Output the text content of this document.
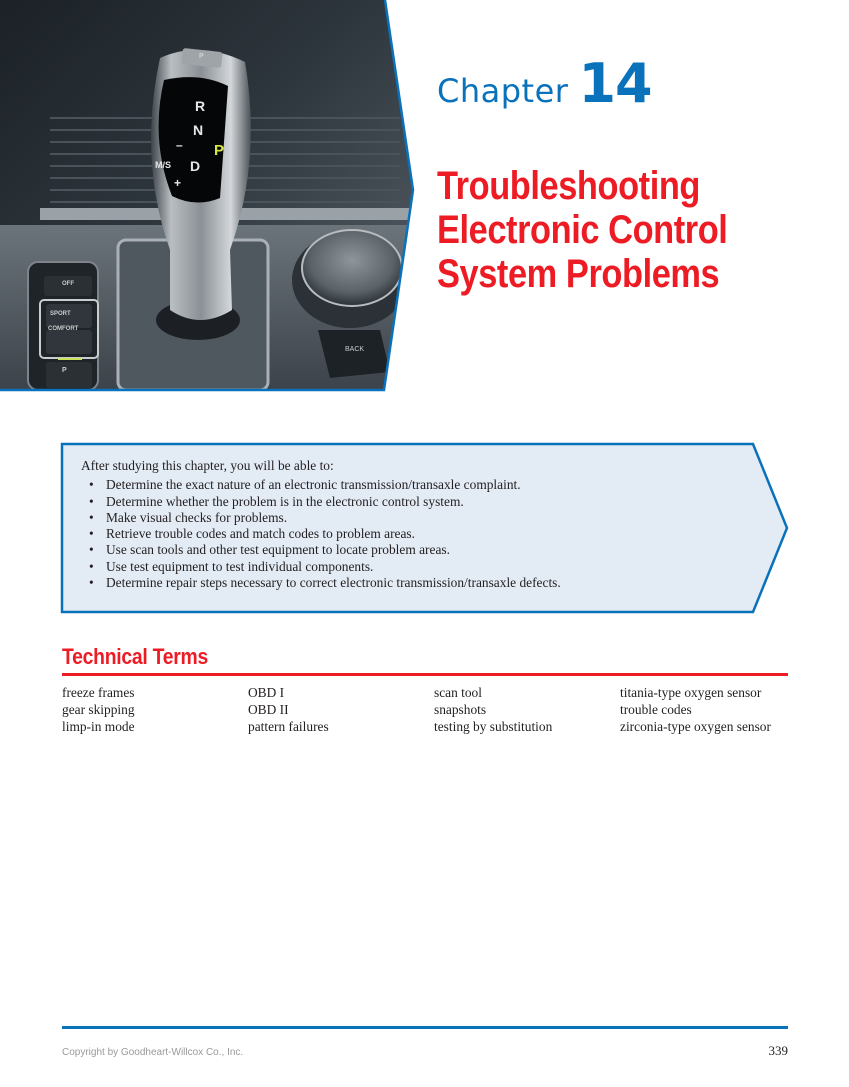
P
R
N
D
P
M/S
–
+
OFF
SPORT
COMFORT
P
BACK
Chapter 14
Troubleshooting
Electronic Control
System Problems
After studying this chapter, you will be able to:
• Determine the exact nature of an electronic transmission/transaxle complaint.
• Determine whether the problem is in the electronic control system.
• Make visual checks for problems.
• Retrieve trouble codes and match codes to problem areas.
• Use scan tools and other test equipment to locate problem areas.
• Use test equipment to test individual components.
• Determine repair steps necessary to correct electronic transmission/transaxle defects.
Technical Terms
freeze frames
gear skipping
limp-in mode
OBD I
OBD II
pattern failures
scan tool
snapshots
testing by substitution
titania-type oxygen sensor
trouble codes
zirconia-type oxygen sensor
Copyright by Goodheart-Willcox Co., Inc.	339
